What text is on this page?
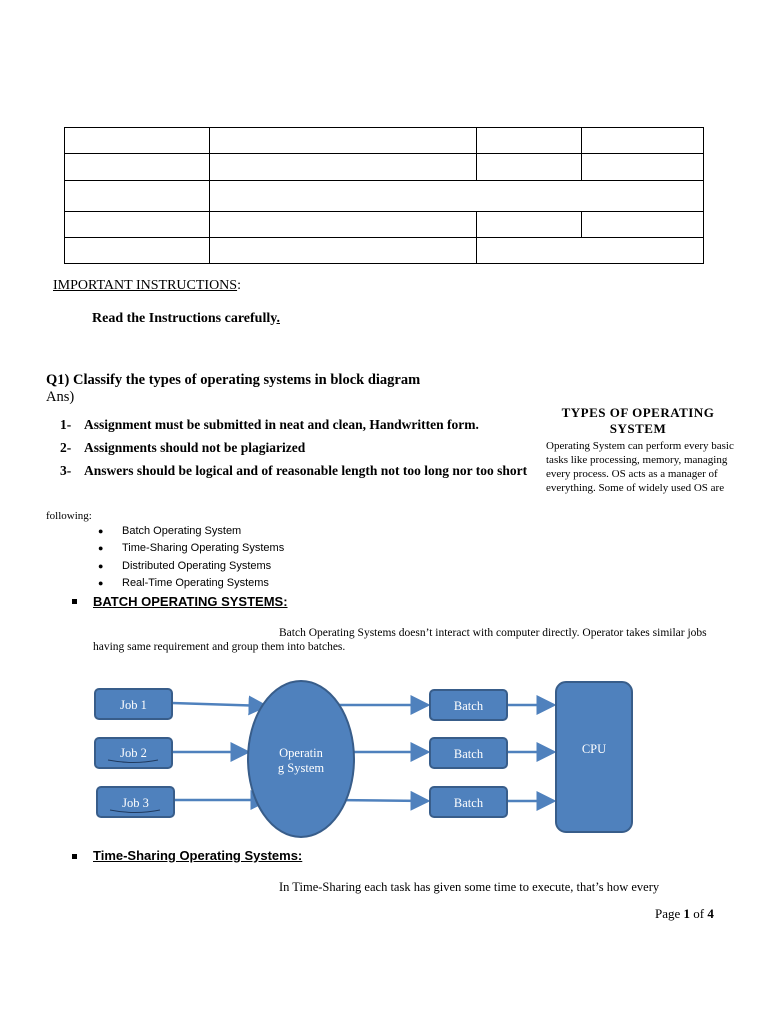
IMPORTANT INSTRUCTIONS:
Read the Instructions carefully.
Q1) Classify the types of operating systems in block diagram
Ans)
1- Assignment must be submitted in neat and clean, Handwritten form.
2- Assignments should not be plagiarized
3- Answers should be logical and of reasonable length not too long nor too short
TYPES OF OPERATING
SYSTEM
Operating System can perform every basic tasks like processing, memory, managing every process. OS acts as a manager of everything. Some of widely used OS are
following:
●	Batch Operating System
●	Time-Sharing Operating Systems
●	Distributed Operating Systems
●	Real-Time Operating Systems
BATCH OPERATING SYSTEMS:
Batch Operating Systems doesn’t interact with computer directly. Operator takes similar jobs having same requirement and group them into batches.
Job 1
Job 2
Job 3
Operatin
g System
Batch
Batch
Batch
CPU
Time-Sharing Operating Systems:
In Time-Sharing each task has given some time to execute, that’s how every
Page 1 of 4
